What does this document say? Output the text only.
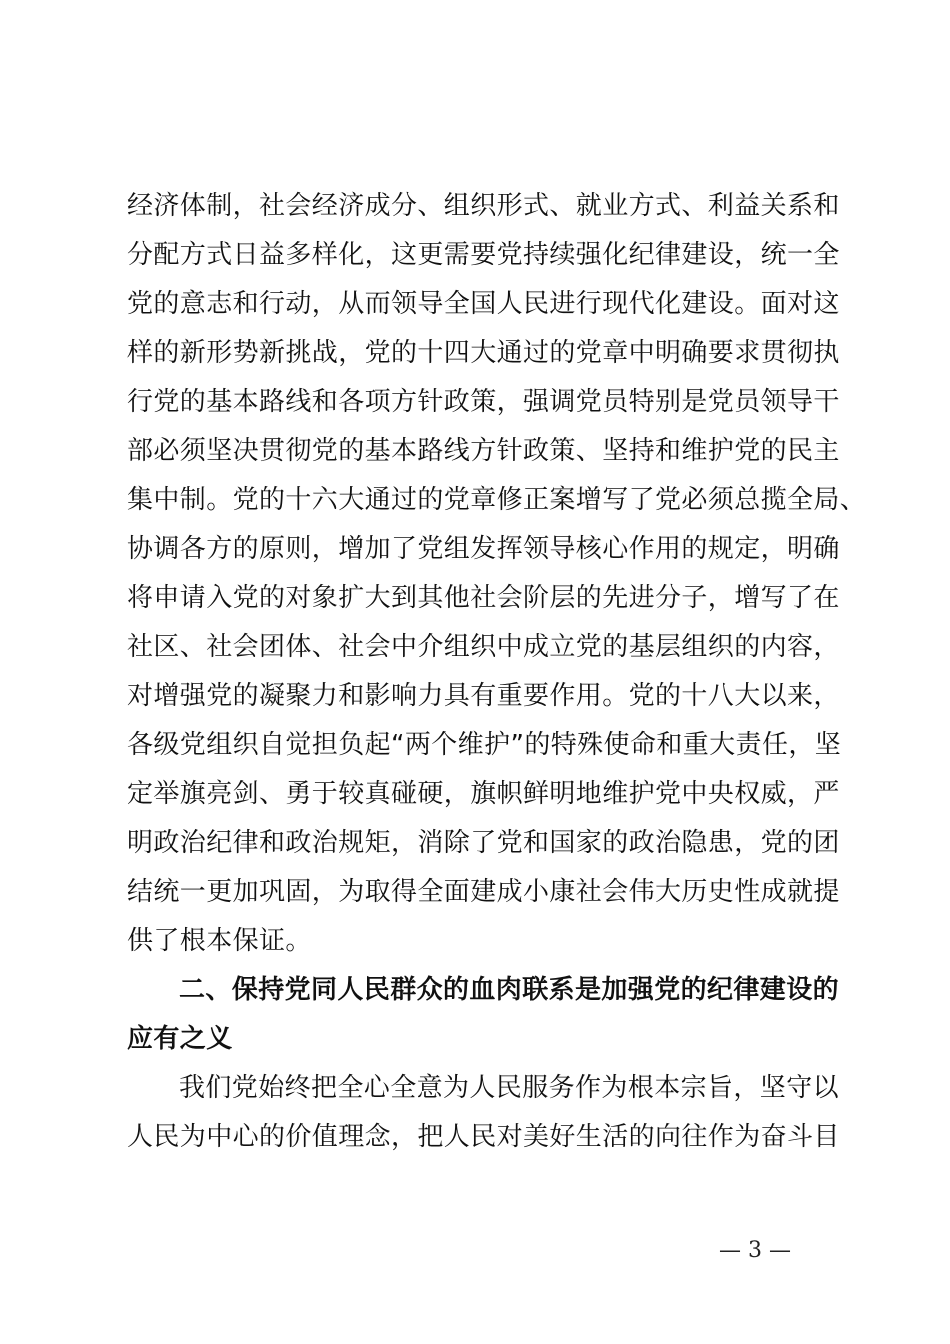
经济体制，社会经济成分、组织形式、就业方式、利益关系和
分配方式日益多样化，这更需要党持续强化纪律建设，统一全
党的意志和行动，从而领导全国人民进行现代化建设。面对这
样的新形势新挑战，党的十四大通过的党章中明确要求贯彻执
行党的基本路线和各项方针政策，强调党员特别是党员领导干
部必须坚决贯彻党的基本路线方针政策、坚持和维护党的民主
集中制。党的十六大通过的党章修正案增写了党必须总揽全局、
协调各方的原则，增加了党组发挥领导核心作用的规定，明确
将申请入党的对象扩大到其他社会阶层的先进分子，增写了在
社区、社会团体、社会中介组织中成立党的基层组织的内容，
对增强党的凝聚力和影响力具有重要作用。党的十八大以来，
各级党组织自觉担负起“两个维护”的特殊使命和重大责任，坚
定举旗亮剑、勇于较真碰硬，旗帜鲜明地维护党中央权威，严
明政治纪律和政治规矩，消除了党和国家的政治隐患，党的团
结统一更加巩固，为取得全面建成小康社会伟大历史性成就提
供了根本保证。
二、保持党同人民群众的血肉联系是加强党的纪律建设的
应有之义
我们党始终把全心全意为人民服务作为根本宗旨，坚守以
人民为中心的价值理念，把人民对美好生活的向往作为奋斗目
— 3 —
